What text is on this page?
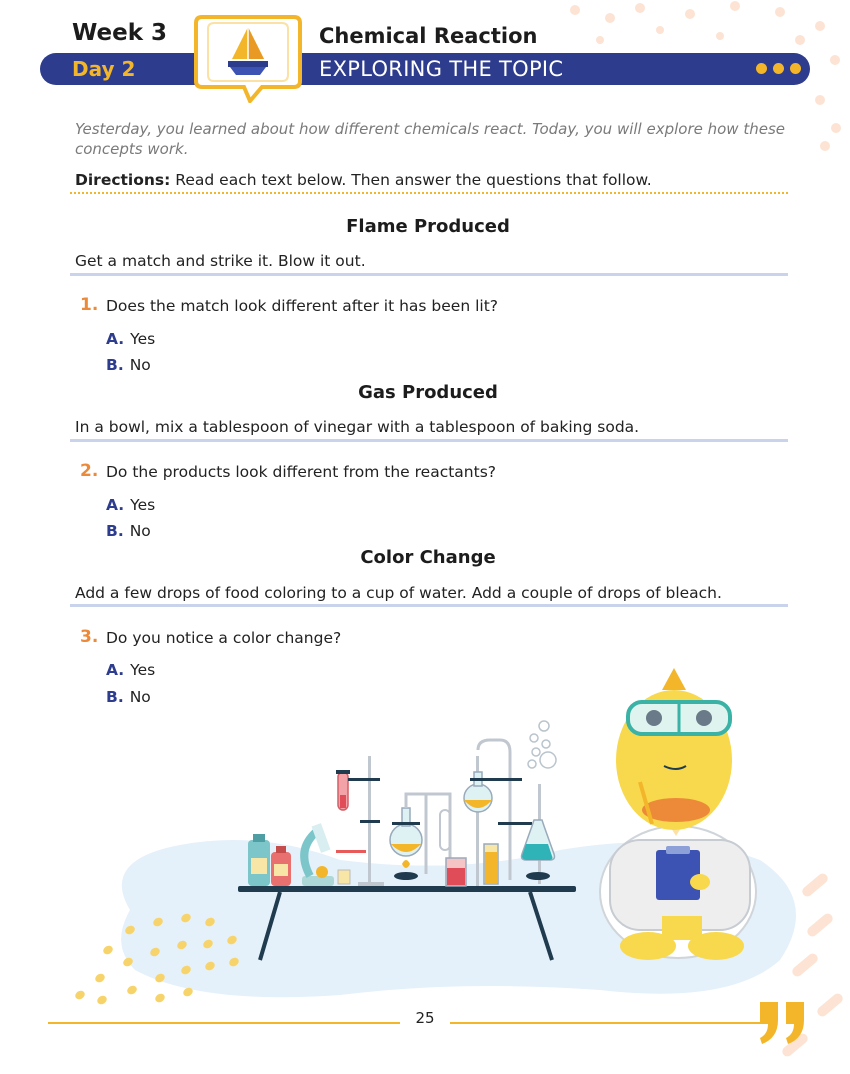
Week 3	Chemical Reaction
Day 2	EXPLORING THE TOPIC
Yesterday, you learned about how different chemicals react. Today, you will explore how these concepts work.
Directions: Read each text below. Then answer the questions that follow.
Flame Produced
Get a match and strike it. Blow it out.
1. Does the match look different after it has been lit?
A. Yes
B. No
Gas Produced
In a bowl, mix a tablespoon of vinegar with a tablespoon of baking soda.
2. Do the products look different from the reactants?
A. Yes
B. No
Color Change
Add a few drops of food coloring to a cup of water. Add a couple of drops of bleach.
3. Do you notice a color change?
A. Yes
B. No
25
